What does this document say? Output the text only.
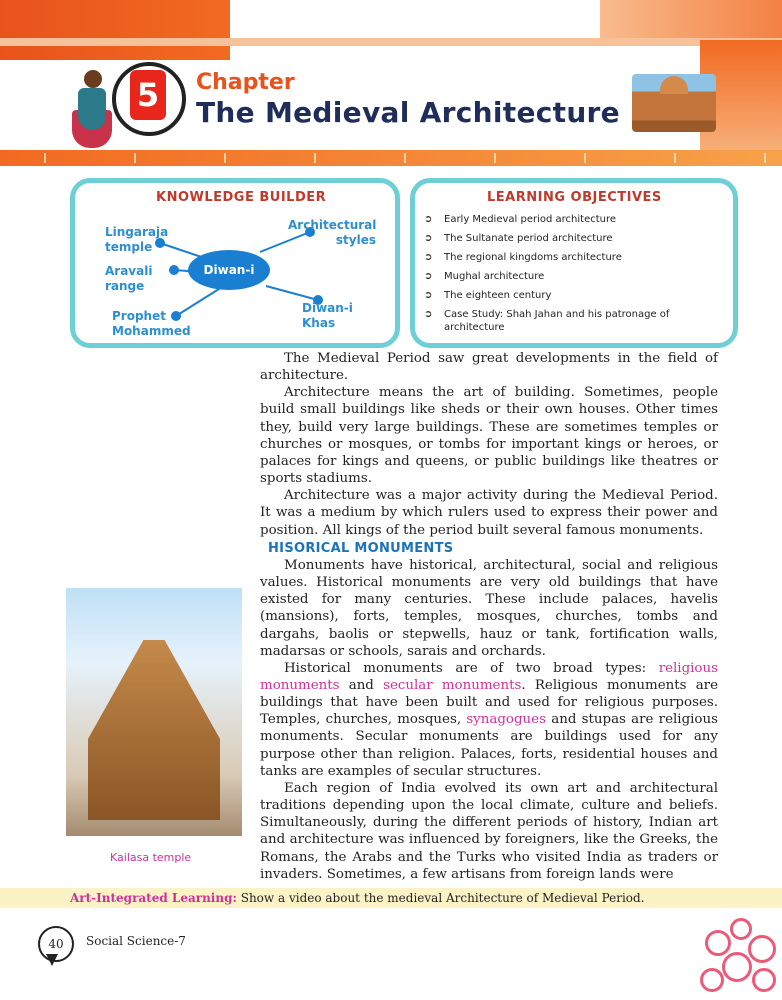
5	Chapter
The Medieval Architecture
KNOWLEDGE BUILDER
Lingaraja temple
Aravali range
Prophet Mohammed
Architectural styles
Diwan-i Khas
Diwan-i Aam
LEARNING OBJECTIVES
➲ Early Medieval period architecture
➲ The Sultanate period architecture
➲ The regional kingdoms architecture
➲ Mughal architecture
➲ The eighteen century
➲ Case Study: Shah Jahan and his patronage of architecture
Kailasa temple

The Medieval Period saw great developments in the field of architecture.

Architecture means the art of building. Sometimes, people build small buildings like sheds or their own houses. Other times they, build very large buildings. These are sometimes temples or churches or mosques, or tombs for important kings or heroes, or palaces for kings and queens, or public buildings like theatres or sports stadiums.

Architecture was a major activity during the Medieval Period. It was a medium by which rulers used to express their power and position. All kings of the period built several famous monuments.

HISORICAL MONUMENTS

Monuments have historical, architectural, social and religious values. Historical monuments are very old buildings that have existed for many centuries. These include palaces, havelis (mansions), forts, temples, mosques, churches, tombs and dargahs, baolis or stepwells, hauz or tank, fortification walls, madarsas or schools, sarais and orchards.

Historical monuments are of two broad types: religious monuments and secular monuments. Religious monuments are buildings that have been built and used for religious purposes. Temples, churches, mosques, synagogues and stupas are religious monuments. Secular monuments are buildings used for any purpose other than religion. Palaces, forts, residential houses and tanks are examples of secular structures.

Each region of India evolved its own art and architectural traditions depending upon the local climate, culture and beliefs. Simultaneously, during the different periods of history, Indian art and architecture was influenced by foreigners, like the Greeks, the Romans, the Arabs and the Turks who visited India as traders or invaders. Sometimes, a few artisans from foreign lands were

Art-Integrated Learning: Show a video about the medieval Architecture of Medieval Period.
40	Social Science-7
